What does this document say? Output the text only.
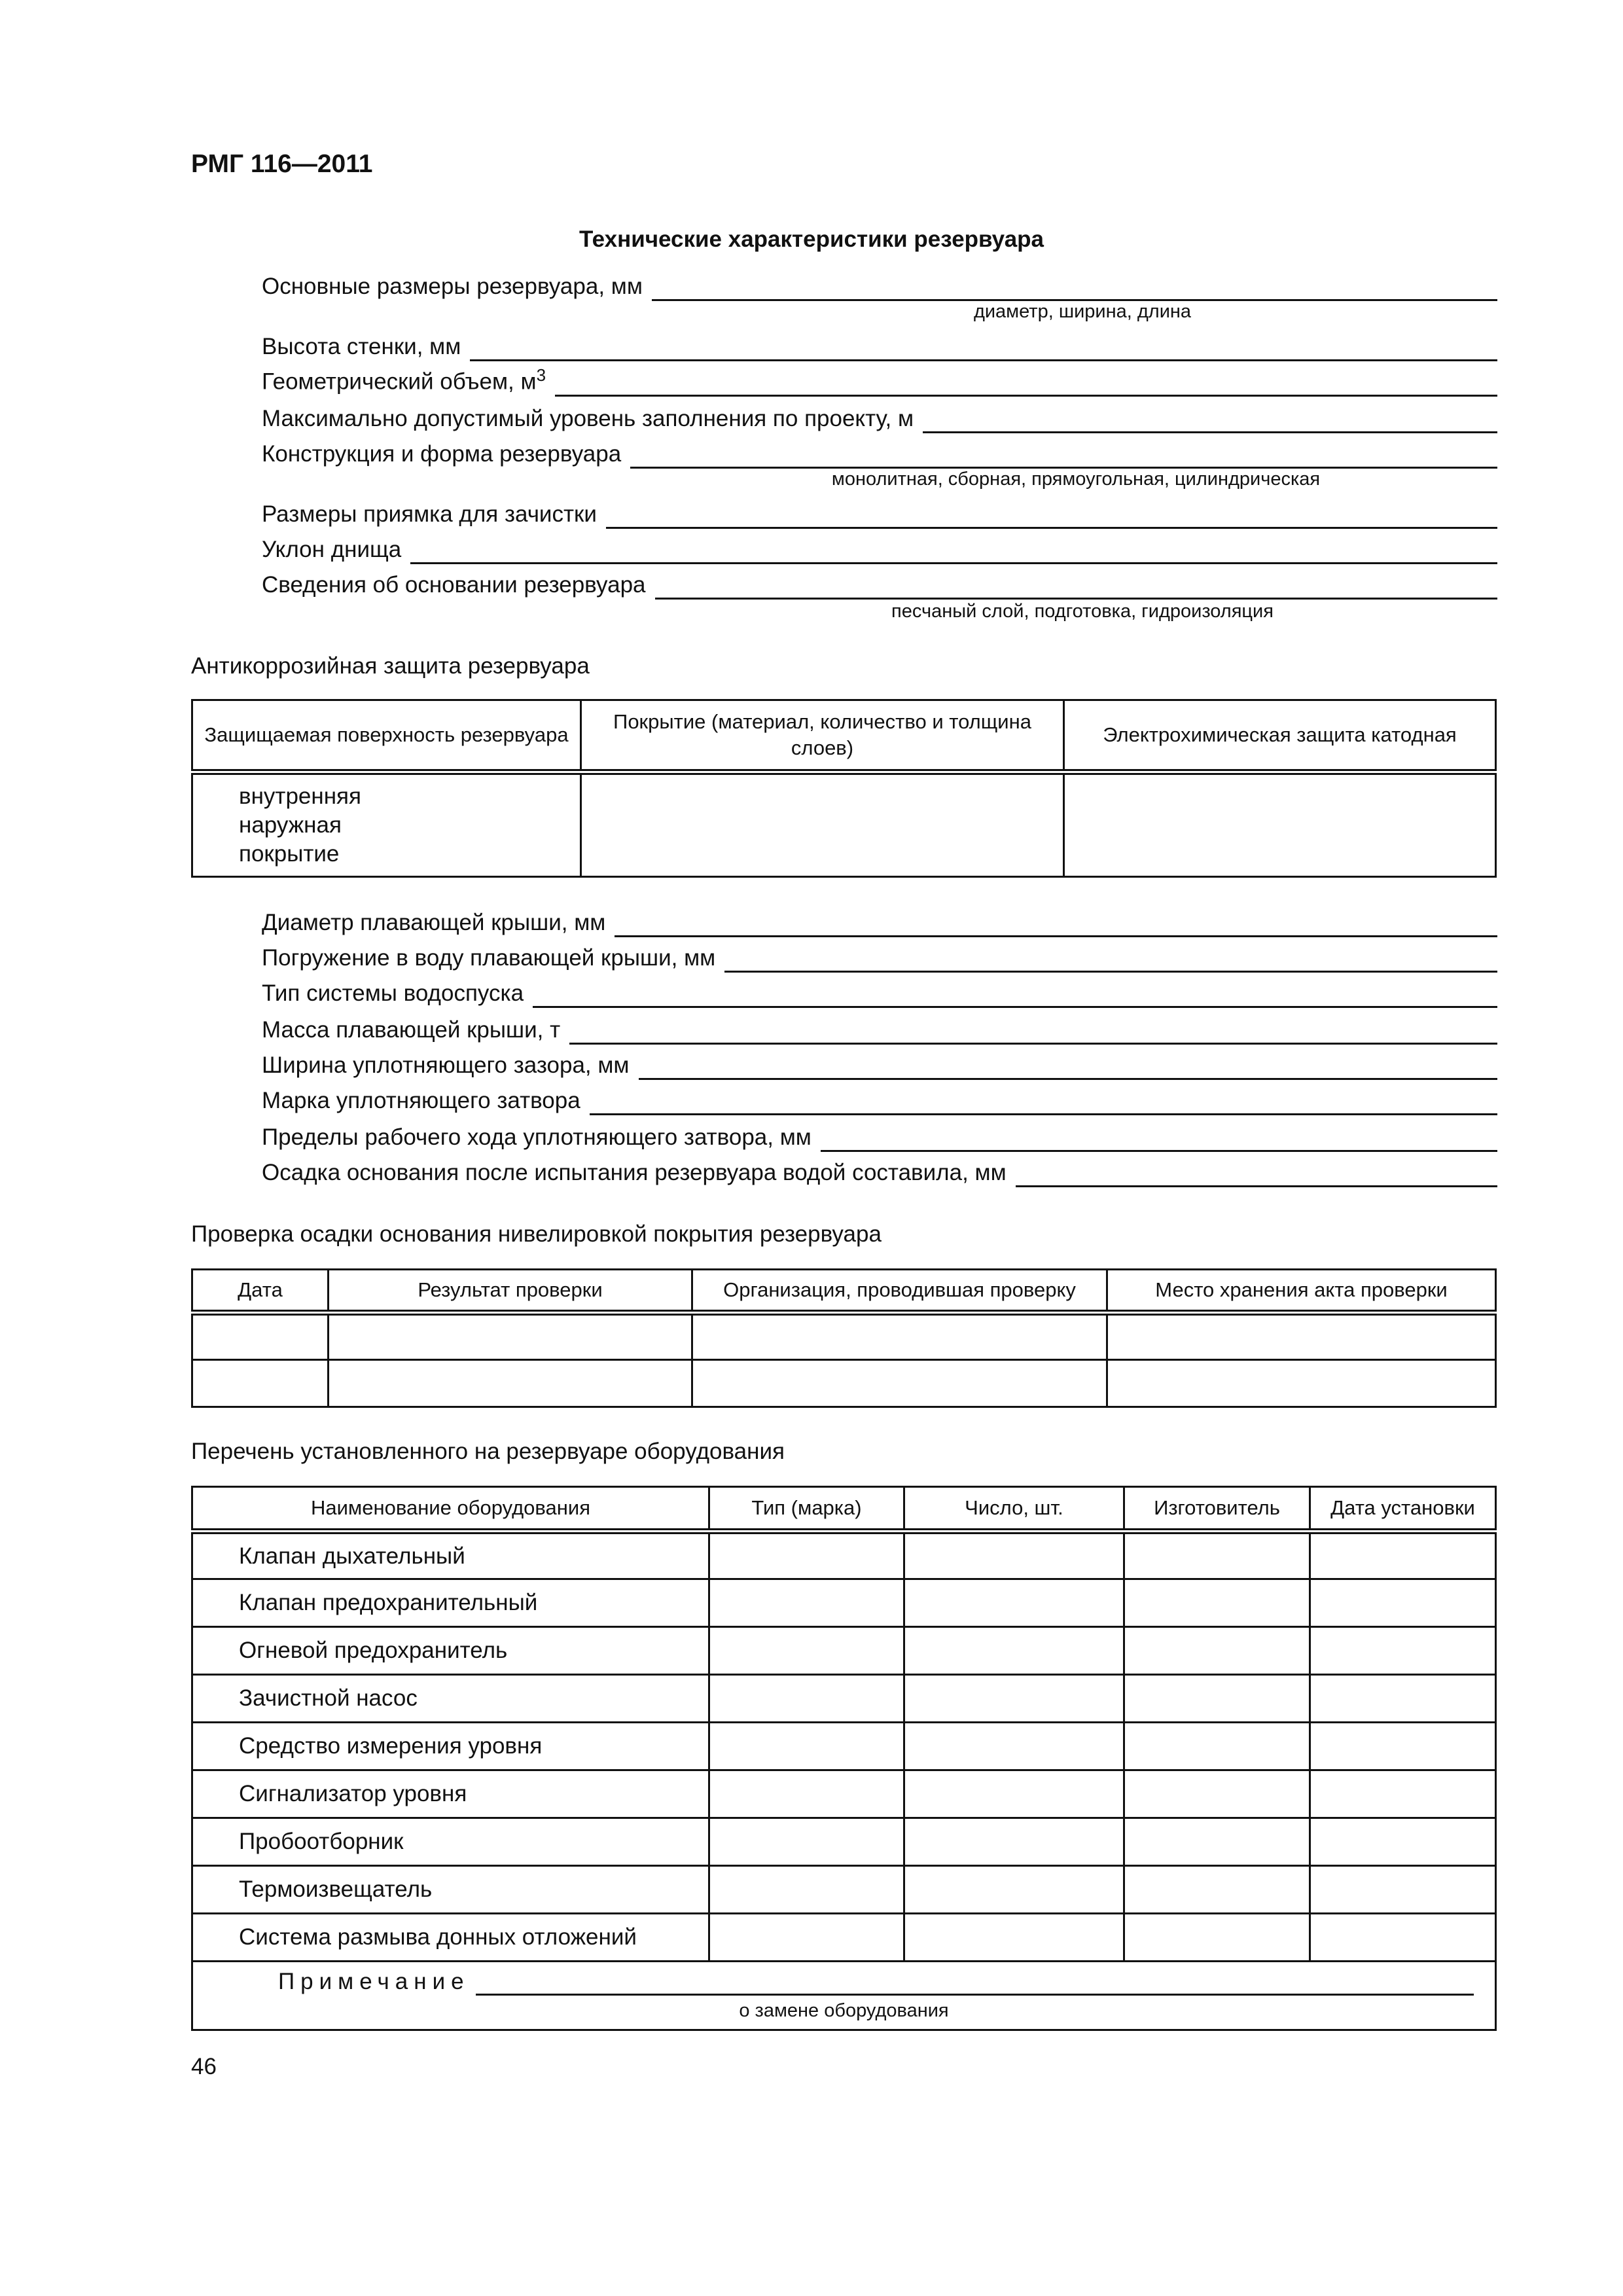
РМГ 116—2011
Технические характеристики резервуара
Основные размеры резервуара, мм
диаметр, ширина, длина
Высота стенки, мм
Геометрический объем, $м^3$
Максимально допустимый уровень заполнения по проекту, м
Конструкция и форма резервуара
монолитная, сборная, прямоугольная, цилиндрическая
Размеры приямка для зачистки
Уклон днища
Сведения об основании резервуара
песчаный слой, подготовка, гидроизоляция
Антикоррозийная защита резервуара
Защищаемая поверхность резервуара	Покрытие (материал, количество и толщина слоев)	Электрохимическая защита катодная

внутренняя
наружная
покрытие		

Диаметр плавающей крыши, мм
Погружение в воду плавающей крыши, мм
Тип системы водоспуска
Масса плавающей крыши, т
Ширина уплотняющего зазора, мм
Марка уплотняющего затвора
Пределы рабочего хода уплотняющего затвора, мм
Осадка основания после испытания резервуара водой составила, мм
Проверка осадки основания нивелировкой покрытия резервуара
Дата	Результат проверки	Организация, проводившая проверку	Место хранения акта проверки

Перечень установленного на резервуаре оборудования
Наименование оборудования	Тип (марка)	Число, шт.	Изготовитель	Дата установки
Клапан дыхательный				
Клапан предохранительный				
Огневой предохранитель				
Зачистной насос				
Средство измерения уровня				
Сигнализатор уровня				
Пробоотборник				
Термоизвещатель				
Система размыва донных отложений				

Примечание
о замене оборудования				
46
